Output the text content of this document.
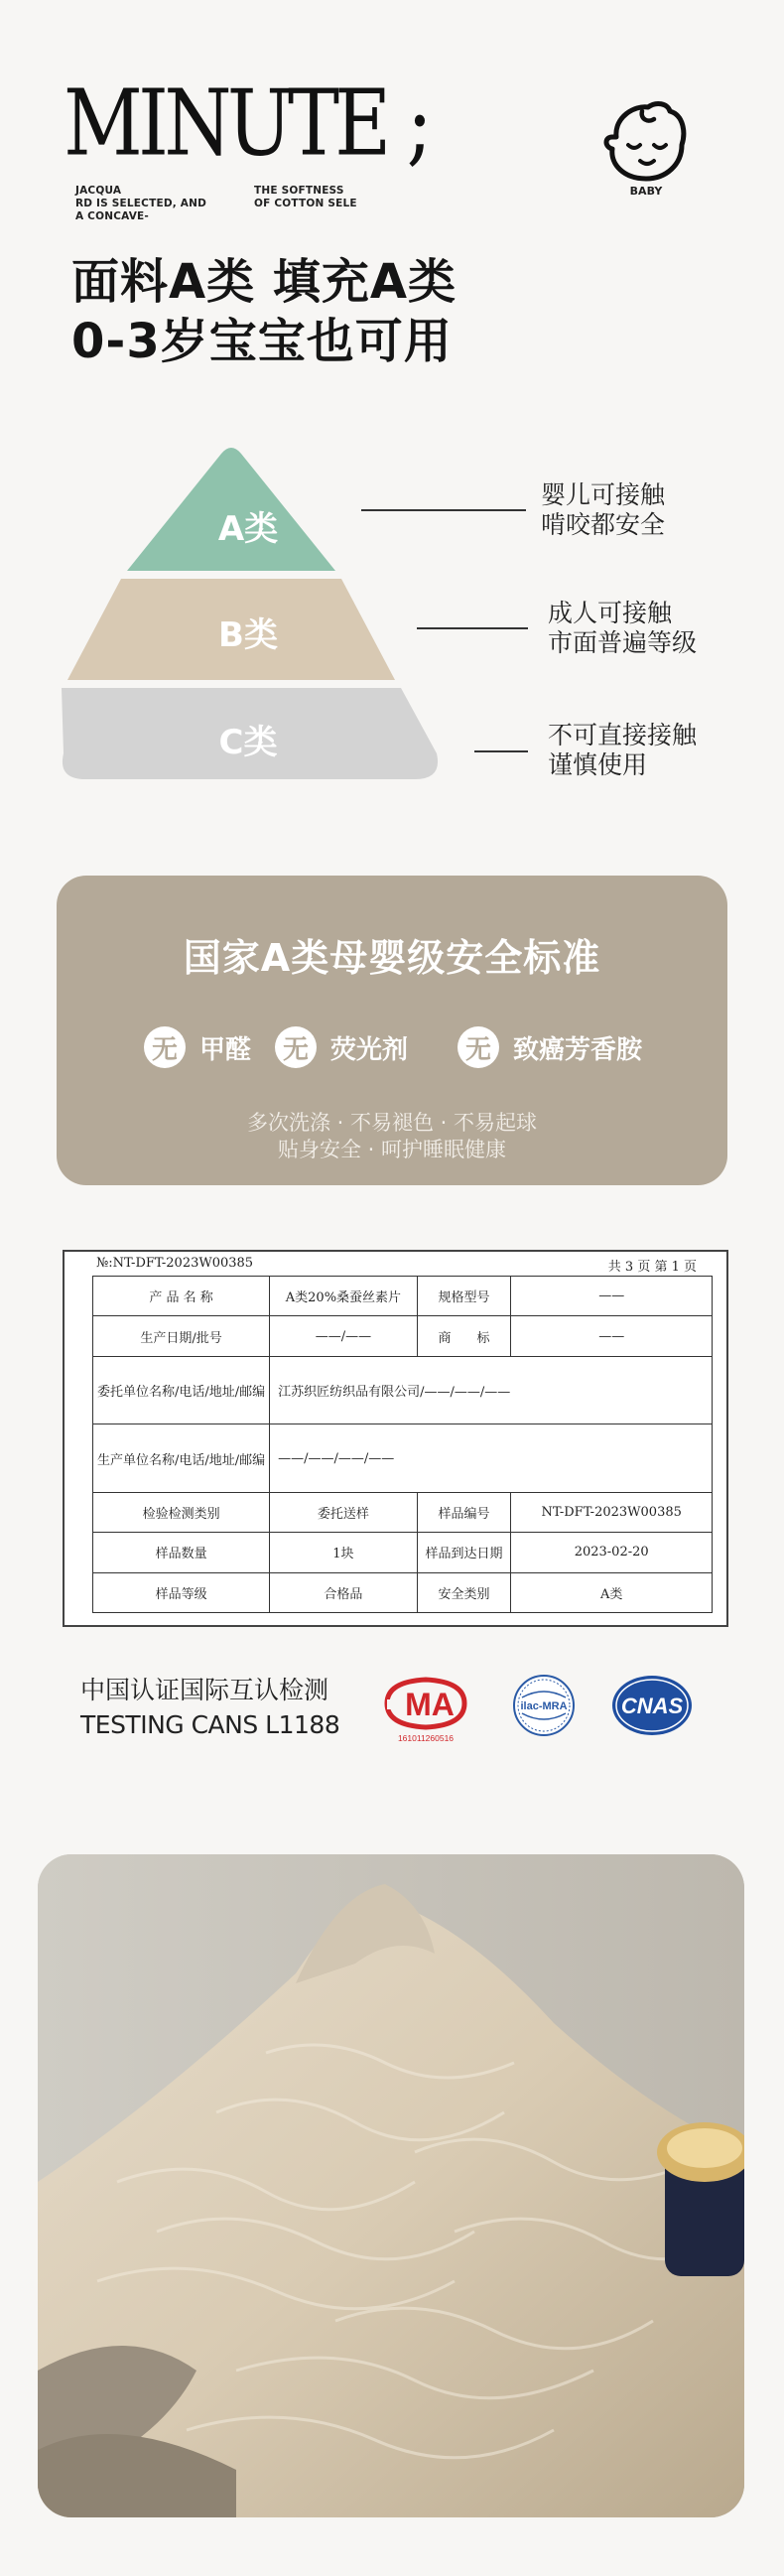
MINUTE ;
JACQUA
RD IS SELECTED, AND
A CONCAVE-
THE SOFTNESS
OF COTTON SELE
BABY
面料A类 填充A类
0-3岁宝宝也可用
A类
B类
C类
婴儿可接触
啃咬都安全
成人可接触
市面普遍等级
不可直接接触
谨慎使用
国家A类母婴级安全标准
无 甲醛	无 荧光剂	无 致癌芳香胺
多次洗涤 · 不易褪色 · 不易起球
贴身安全 · 呵护睡眠健康
№:NT-DFT-2023W00385	共 3 页 第 1 页
产 品 名 称	A类20%桑蚕丝素片	规格型号	——
生产日期/批号	——/——	商　　标	——
委托单位名称/电话/地址/邮编	江苏织匠纺织品有限公司/——/——/——		
生产单位名称/电话/地址/邮编	——/——/——/——		
检验检测类别	委托送样	样品编号	NT-DFT-2023W00385
样品数量	1块	样品到达日期	2023-02-20
样品等级	合格品	安全类别	A类
中国认证国际互认检测
TESTING CANS L1188
MA
161011260516
ilac-MRA CNAS
